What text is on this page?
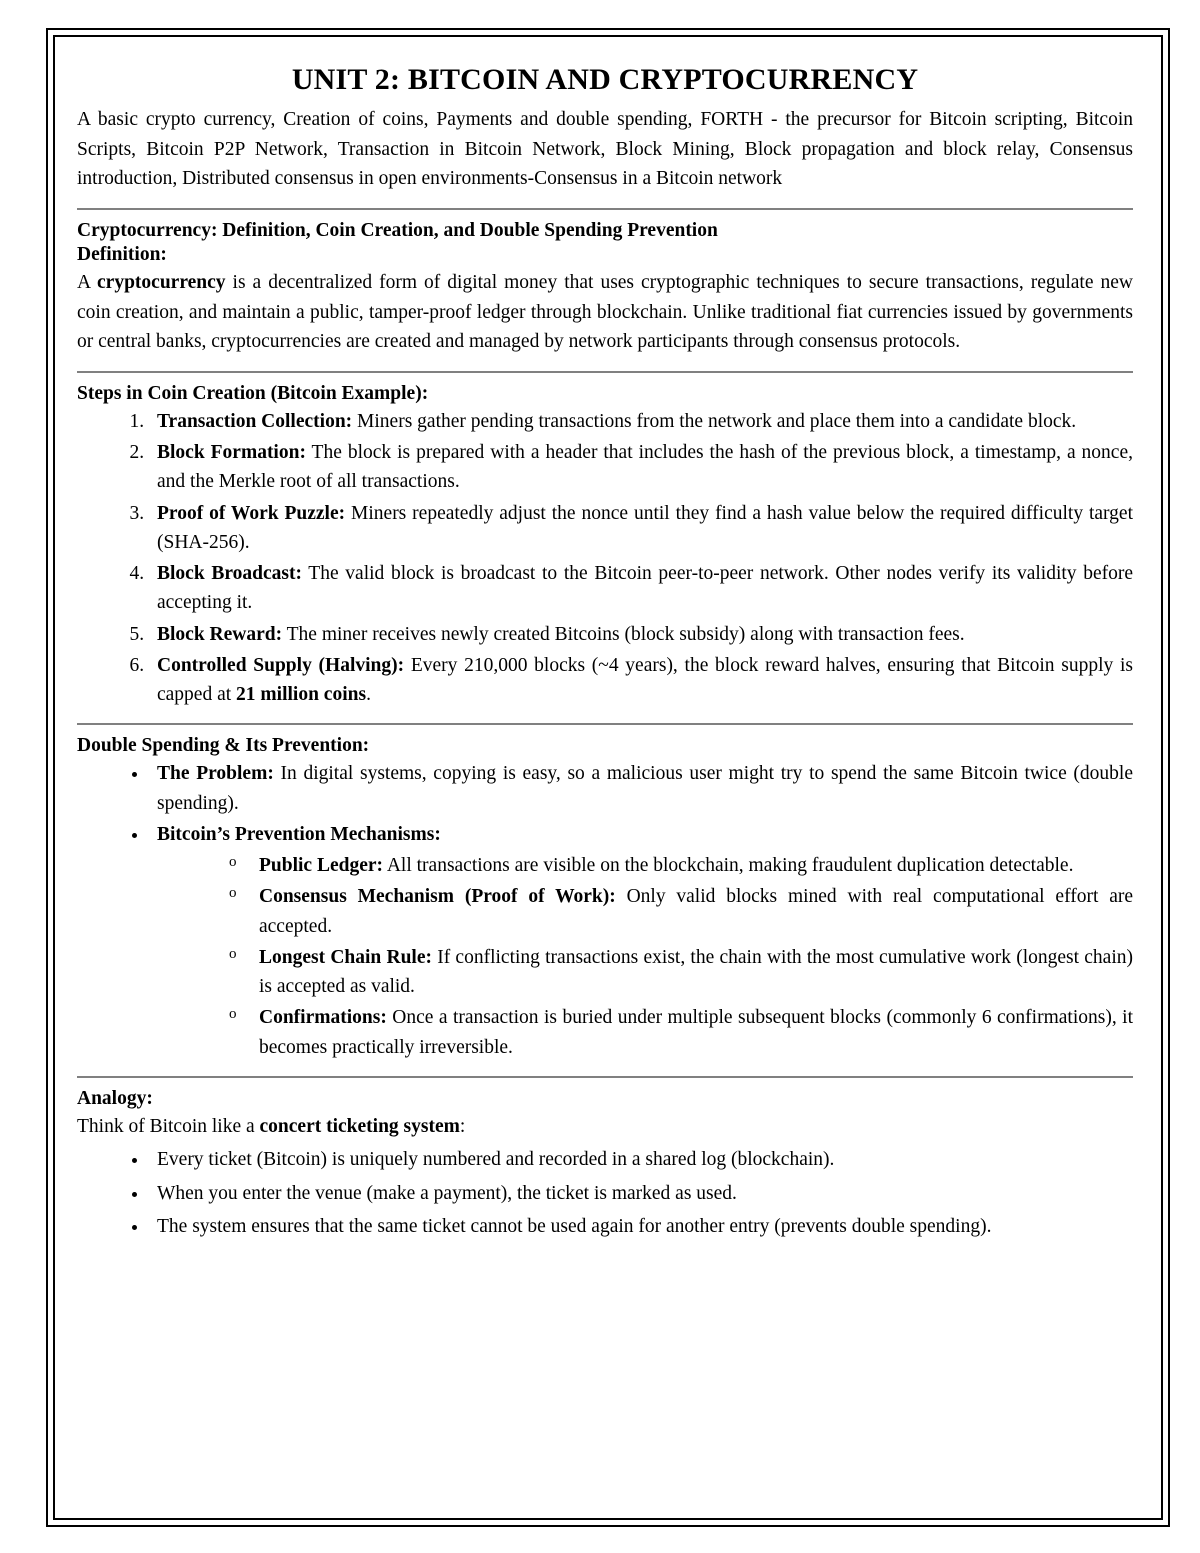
UNIT 2: BITCOIN AND CRYPTOCURRENCY

A basic crypto currency, Creation of coins, Payments and double spending, FORTH - the precursor for Bitcoin scripting, Bitcoin Scripts, Bitcoin P2P Network, Transaction in Bitcoin Network, Block Mining, Block propagation and block relay, Consensus introduction, Distributed consensus in open environments-Consensus in a Bitcoin network

Cryptocurrency: Definition, Coin Creation, and Double Spending Prevention
Definition:

A cryptocurrency is a decentralized form of digital money that uses cryptographic techniques to secure transactions, regulate new coin creation, and maintain a public, tamper-proof ledger through blockchain. Unlike traditional fiat currencies issued by governments or central banks, cryptocurrencies are created and managed by network participants through consensus protocols.

Steps in Coin Creation (Bitcoin Example):
1. Transaction Collection: Miners gather pending transactions from the network and place them into a candidate block.
2. Block Formation: The block is prepared with a header that includes the hash of the previous block, a timestamp, a nonce, and the Merkle root of all transactions.
3. Proof of Work Puzzle: Miners repeatedly adjust the nonce until they find a hash value below the required difficulty target (SHA-256).
4. Block Broadcast: The valid block is broadcast to the Bitcoin peer-to-peer network. Other nodes verify its validity before accepting it.
5. Block Reward: The miner receives newly created Bitcoins (block subsidy) along with transaction fees.
6. Controlled Supply (Halving): Every 210,000 blocks (~4 years), the block reward halves, ensuring that Bitcoin supply is capped at 21 million coins.
Double Spending & Its Prevention:
• The Problem: In digital systems, copying is easy, so a malicious user might try to spend the same Bitcoin twice (double spending).
• Bitcoin’s Prevention Mechanisms:
o Public Ledger: All transactions are visible on the blockchain, making fraudulent duplication detectable.
o Consensus Mechanism (Proof of Work): Only valid blocks mined with real computational effort are accepted.
o Longest Chain Rule: If conflicting transactions exist, the chain with the most cumulative work (longest chain) is accepted as valid.
o Confirmations: Once a transaction is buried under multiple subsequent blocks (commonly 6 confirmations), it becomes practically irreversible.
Analogy:

Think of Bitcoin like a concert ticketing system:

• Every ticket (Bitcoin) is uniquely numbered and recorded in a shared log (blockchain).
• When you enter the venue (make a payment), the ticket is marked as used.
• The system ensures that the same ticket cannot be used again for another entry (prevents double spending).
